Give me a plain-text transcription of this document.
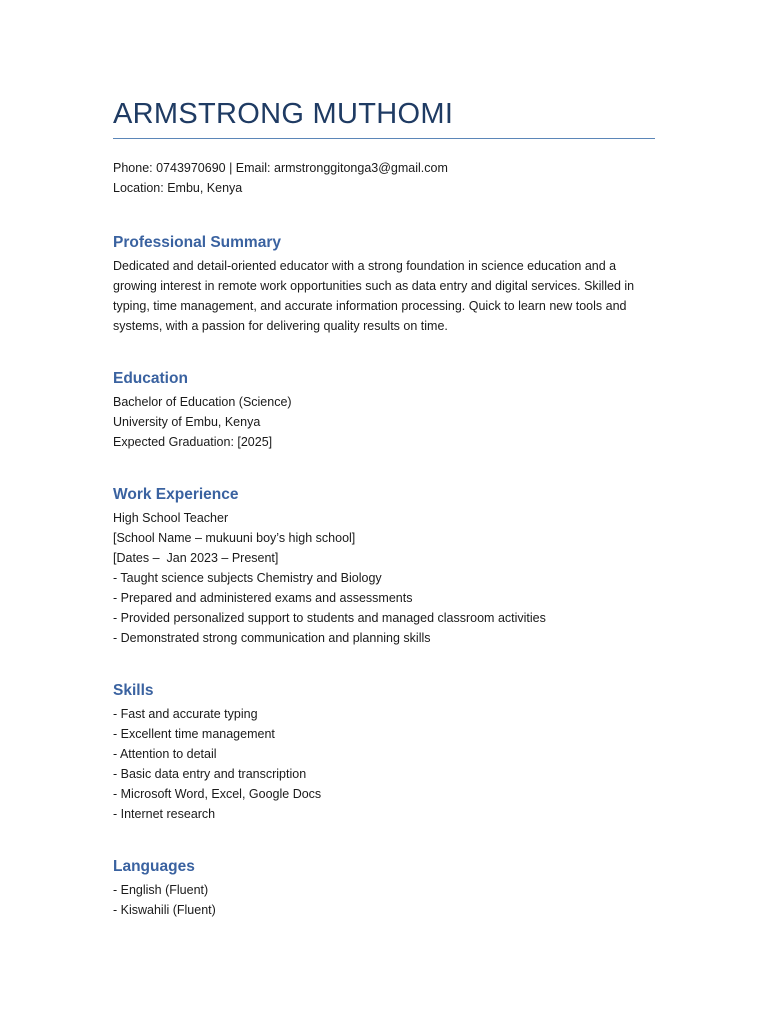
ARMSTRONG MUTHOMI
Phone: 0743970690 | Email: armstronggitonga3@gmail.com
Location: Embu, Kenya
Professional Summary
Dedicated and detail-oriented educator with a strong foundation in science education and a
growing interest in remote work opportunities such as data entry and digital services. Skilled in
typing, time management, and accurate information processing. Quick to learn new tools and
systems, with a passion for delivering quality results on time.
Education
Bachelor of Education (Science)
University of Embu, Kenya
Expected Graduation: [2025]
Work Experience
High School Teacher
[School Name – mukuuni boy’s high school]
[Dates –  Jan 2023 – Present]
- Taught science subjects Chemistry and Biology
- Prepared and administered exams and assessments
- Provided personalized support to students and managed classroom activities
- Demonstrated strong communication and planning skills
Skills
- Fast and accurate typing
- Excellent time management
- Attention to detail
- Basic data entry and transcription
- Microsoft Word, Excel, Google Docs
- Internet research
Languages
- English (Fluent)
- Kiswahili (Fluent)
